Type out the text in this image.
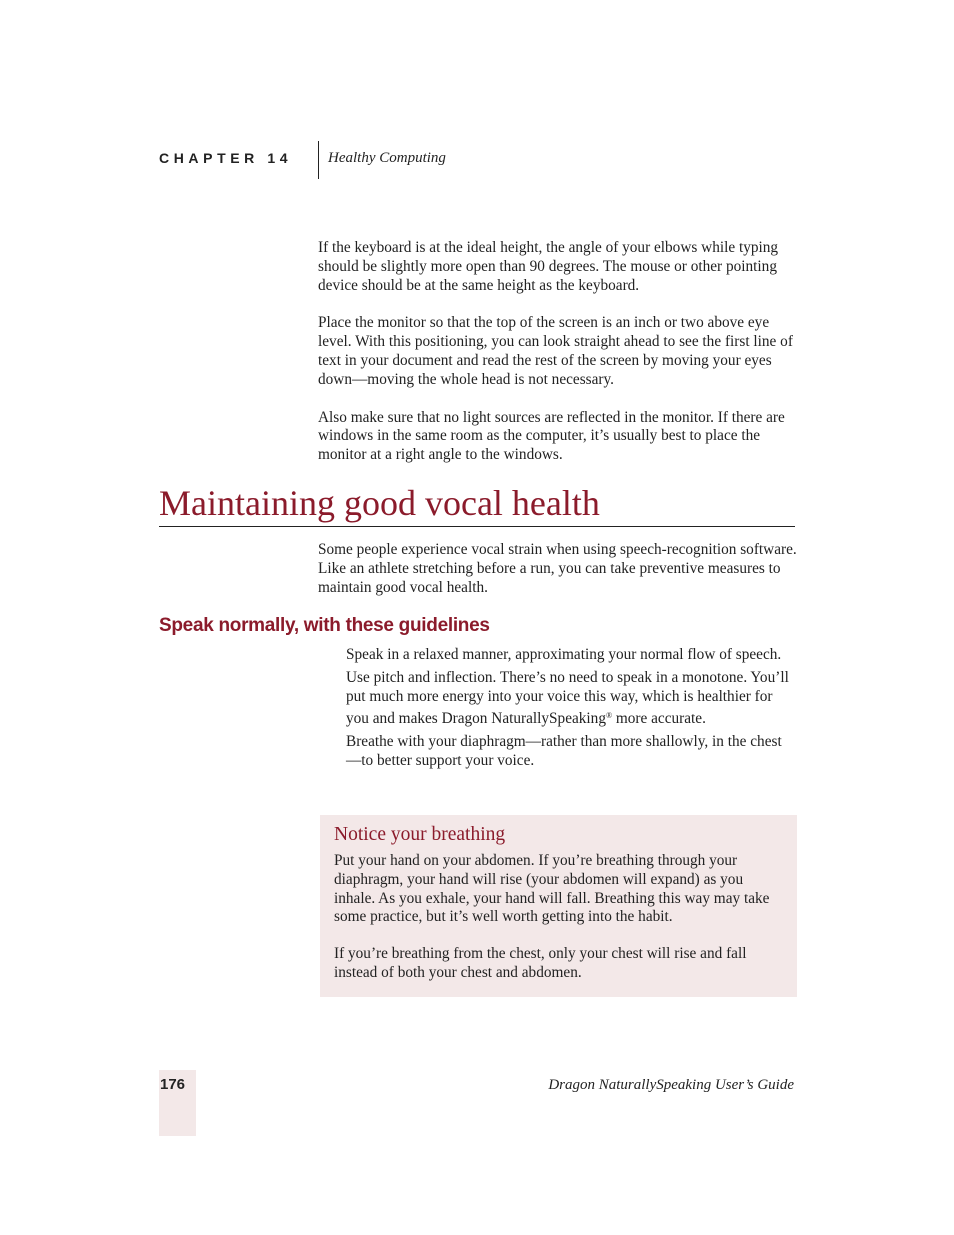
CHAPTER 14 Healthy Computing

If the keyboard is at the ideal height, the angle of your elbows while typing should be slightly more open than 90 degrees. The mouse or other pointing device should be at the same height as the keyboard.

Place the monitor so that the top of the screen is an inch or two above eye level. With this positioning, you can look straight ahead to see the first line of text in your document and read the rest of the screen by moving your eyes down—moving the whole head is not necessary.

Also make sure that no light sources are reflected in the monitor. If there are windows in the same room as the computer, it’s usually best to place the monitor at a right angle to the windows.

Maintaining good vocal health

Some people experience vocal strain when using speech-recognition software. Like an athlete stretching before a run, you can take preventive measures to maintain good vocal health.

Speak normally, with these guidelines
Speak in a relaxed manner, approximating your normal flow of speech.
Use pitch and inflection. There’s no need to speak in a monotone. You’ll put much more energy into your voice this way, which is healthier for you and makes Dragon NaturallySpeaking® more accurate.
Breathe with your diaphragm—rather than more shallowly, in the chest—to better support your voice.
Notice your breathing

Put your hand on your abdomen. If you’re breathing through your diaphragm, your hand will rise (your abdomen will expand) as you inhale. As you exhale, your hand will fall. Breathing this way may take some practice, but it’s well worth getting into the habit.

If you’re breathing from the chest, only your chest will rise and fall instead of both your chest and abdomen.

176	Dragon NaturallySpeaking User’s Guide
